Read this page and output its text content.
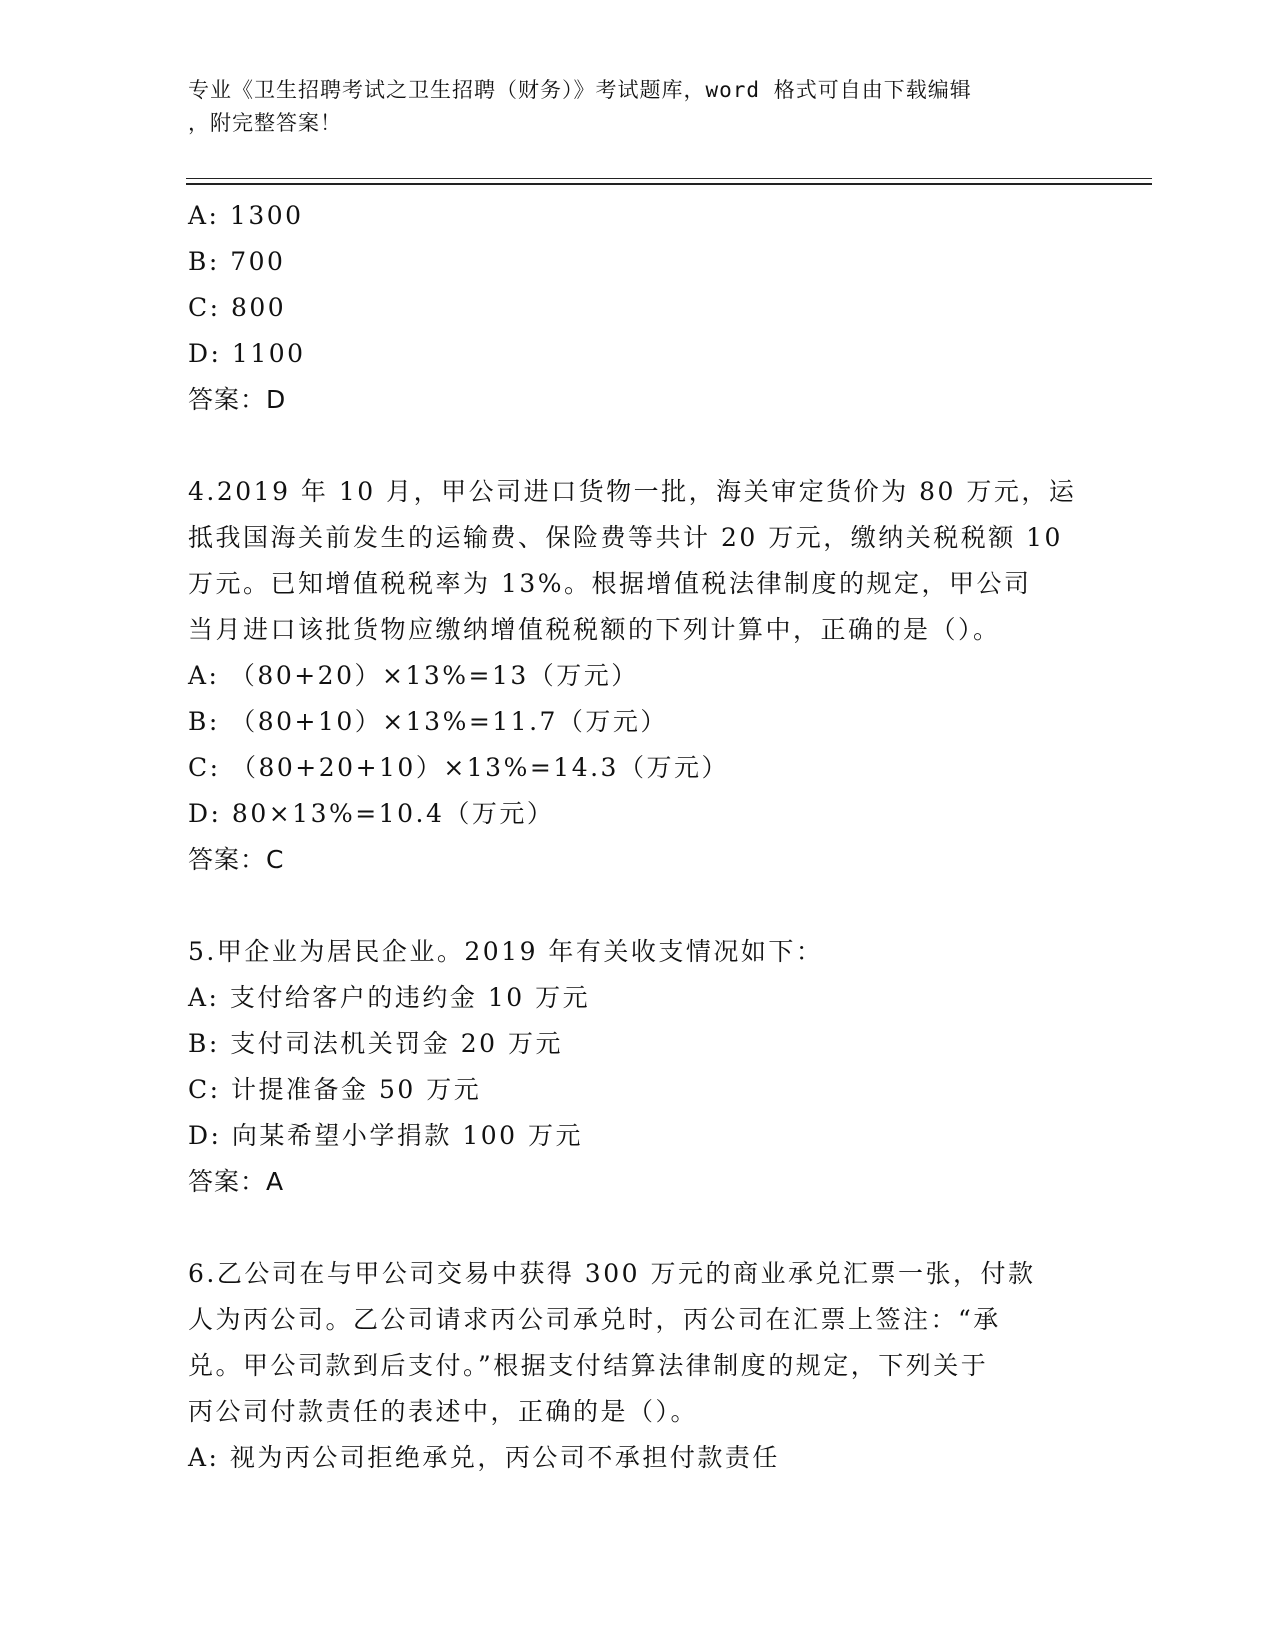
专业《卫生招聘考试之卫生招聘（财务）》考试题库，word 格式可自由下载编辑
，附完整答案！
A: 1300
B: 700
C: 800
D: 1100
答案：D
4.2019 年 10 月，甲公司进口货物一批，海关审定货价为 80 万元，运
抵我国海关前发生的运输费、保险费等共计 20 万元，缴纳关税税额 10
万元。已知增值税税率为 13%。根据增值税法律制度的规定，甲公司
当月进口该批货物应缴纳增值税税额的下列计算中，正确的是（）。
A: （80+20）×13%=13（万元）
B: （80+10）×13%=11.7（万元）
C: （80+20+10）×13%=14.3（万元）
D: 80×13%=10.4（万元）
答案：C
5.甲企业为居民企业。2019 年有关收支情况如下：
A: 支付给客户的违约金 10 万元
B: 支付司法机关罚金 20 万元
C: 计提准备金 50 万元
D: 向某希望小学捐款 100 万元
答案：A
6.乙公司在与甲公司交易中获得 300 万元的商业承兑汇票一张，付款
人为丙公司。乙公司请求丙公司承兑时，丙公司在汇票上签注：“承
兑。甲公司款到后支付。”根据支付结算法律制度的规定，下列关于
丙公司付款责任的表述中，正确的是（）。
A: 视为丙公司拒绝承兑，丙公司不承担付款责任
